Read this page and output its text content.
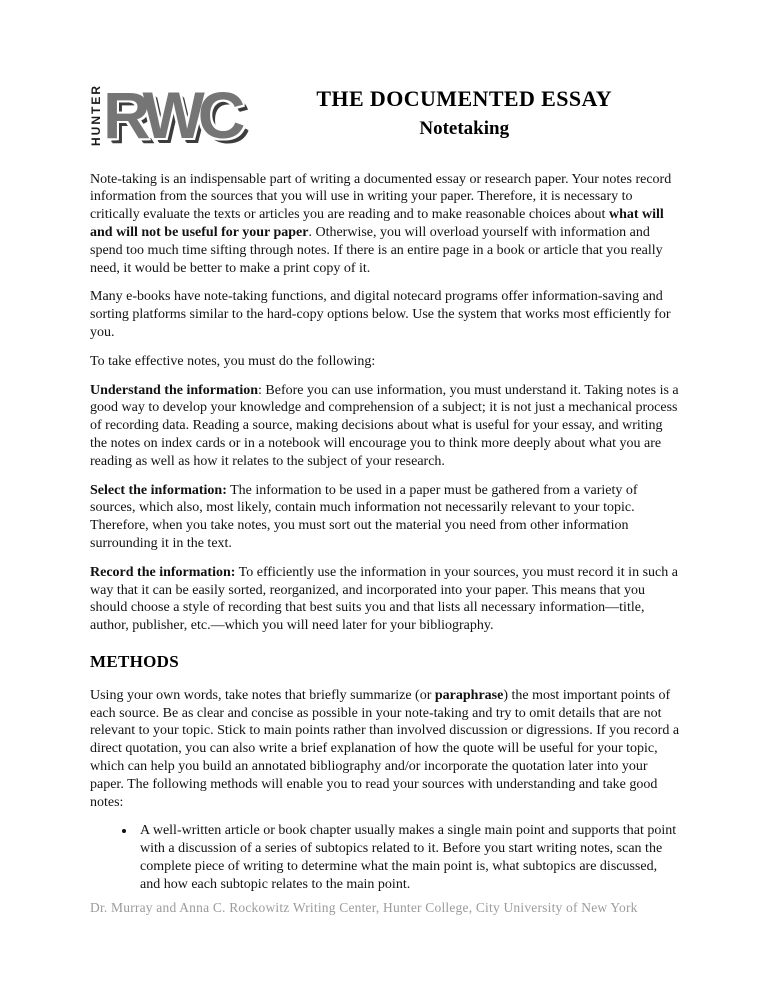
HUNTER RWC	THE DOCUMENTED ESSAY
Notetaking

Note-taking is an indispensable part of writing a documented essay or research paper. Your notes record information from the sources that you will use in writing your paper. Therefore, it is necessary to critically evaluate the texts or articles you are reading and to make reasonable choices about what will and will not be useful for your paper. Otherwise, you will overload yourself with information and spend too much time sifting through notes. If there is an entire page in a book or article that you really need, it would be better to make a print copy of it.

Many e-books have note-taking functions, and digital notecard programs offer information-saving and sorting platforms similar to the hard-copy options below. Use the system that works most efficiently for you.

To take effective notes, you must do the following:

Understand the information: Before you can use information, you must understand it. Taking notes is a good way to develop your knowledge and comprehension of a subject; it is not just a mechanical process of recording data. Reading a source, making decisions about what is useful for your essay, and writing the notes on index cards or in a notebook will encourage you to think more deeply about what you are reading as well as how it relates to the subject of your research.

Select the information: The information to be used in a paper must be gathered from a variety of sources, which also, most likely, contain much information not necessarily relevant to your topic. Therefore, when you take notes, you must sort out the material you need from other information surrounding it in the text.

Record the information: To efficiently use the information in your sources, you must record it in such a way that it can be easily sorted, reorganized, and incorporated into your paper. This means that you should choose a style of recording that best suits you and that lists all necessary information—title, author, publisher, etc.—which you will need later for your bibliography.

METHODS

Using your own words, take notes that briefly summarize (or paraphrase) the most important points of each source. Be as clear and concise as possible in your note-taking and try to omit details that are not relevant to your topic. Stick to main points rather than involved discussion or digressions. If you record a direct quotation, you can also write a brief explanation of how the quote will be useful for your topic, which can help you build an annotated bibliography and/or incorporate the quotation later into your paper. The following methods will enable you to read your sources with understanding and take good notes:

• A well-written article or book chapter usually makes a single main point and supports that point with a discussion of a series of subtopics related to it. Before you start writing notes, scan the complete piece of writing to determine what the main point is, what subtopics are discussed, and how each subtopic relates to the main point.
Dr. Murray and Anna C. Rockowitz Writing Center, Hunter College, City University of New York
